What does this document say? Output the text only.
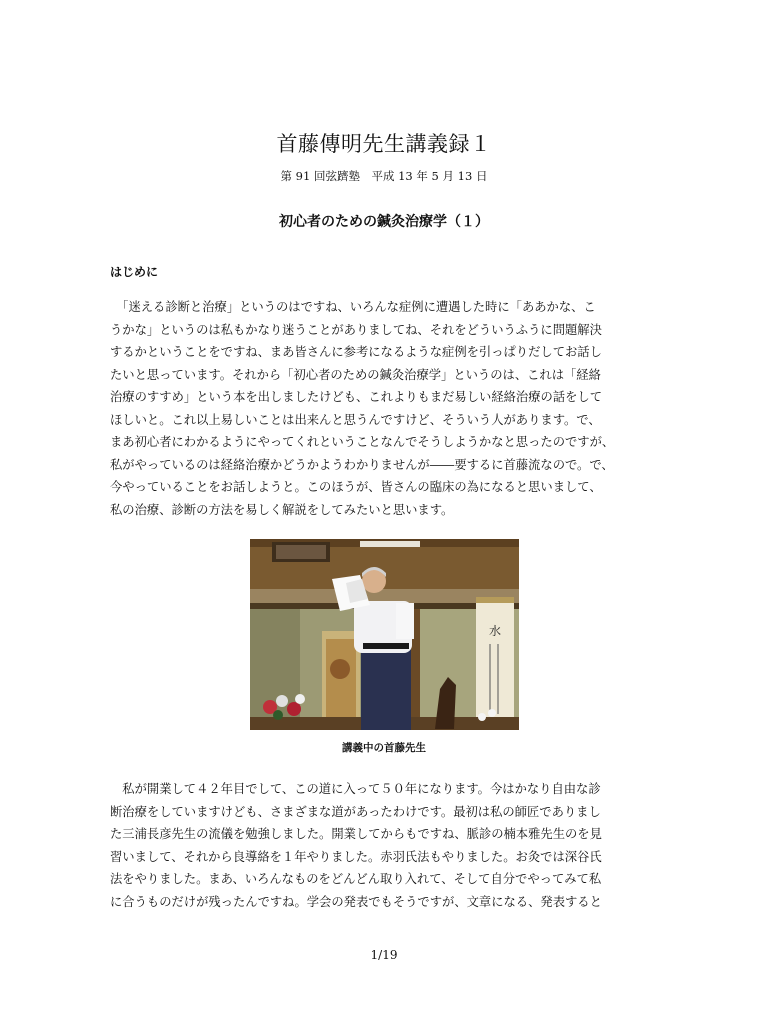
首藤傳明先生講義録１
第 91 回弦躋塾　平成 13 年 5 月 13 日
初心者のための鍼灸治療学（１）
はじめに
　「迷える診断と治療」というのはですね、いろんな症例に遭遇した時に「ああかな、こ
うかな」というのは私もかなり迷うことがありましてね、それをどういうふうに問題解決
するかということをですね、まあ皆さんに参考になるような症例を引っぱりだしてお話し
たいと思っています。それから「初心者のための鍼灸治療学」というのは、これは「経絡
治療のすすめ」という本を出しましたけども、これよりもまだ易しい経絡治療の話をして
ほしいと。これ以上易しいことは出来んと思うんですけど、そういう人があります。で、
まあ初心者にわかるようにやってくれということなんでそうしようかなと思ったのですが、
私がやっているのは経絡治療かどうかようわかりませんが――要するに首藤流なので。で、
今やっていることをお話しようと。このほうが、皆さんの臨床の為になると思いまして、
私の治療、診断の方法を易しく解説をしてみたいと思います。
水
講義中の首藤先生
　私が開業して４２年目でして、この道に入って５０年になります。今はかなり自由な診
断治療をしていますけども、さまざまな道があったわけです。最初は私の師匠でありまし
た三浦長彦先生の流儀を勉強しました。開業してからもですね、脈診の楠本雅先生のを見
習いまして、それから良導絡を１年やりました。赤羽氏法もやりました。お灸では深谷氏
法をやりました。まあ、いろんなものをどんどん取り入れて、そして自分でやってみて私
に合うものだけが残ったんですね。学会の発表でもそうですが、文章になる、発表すると
1/19
